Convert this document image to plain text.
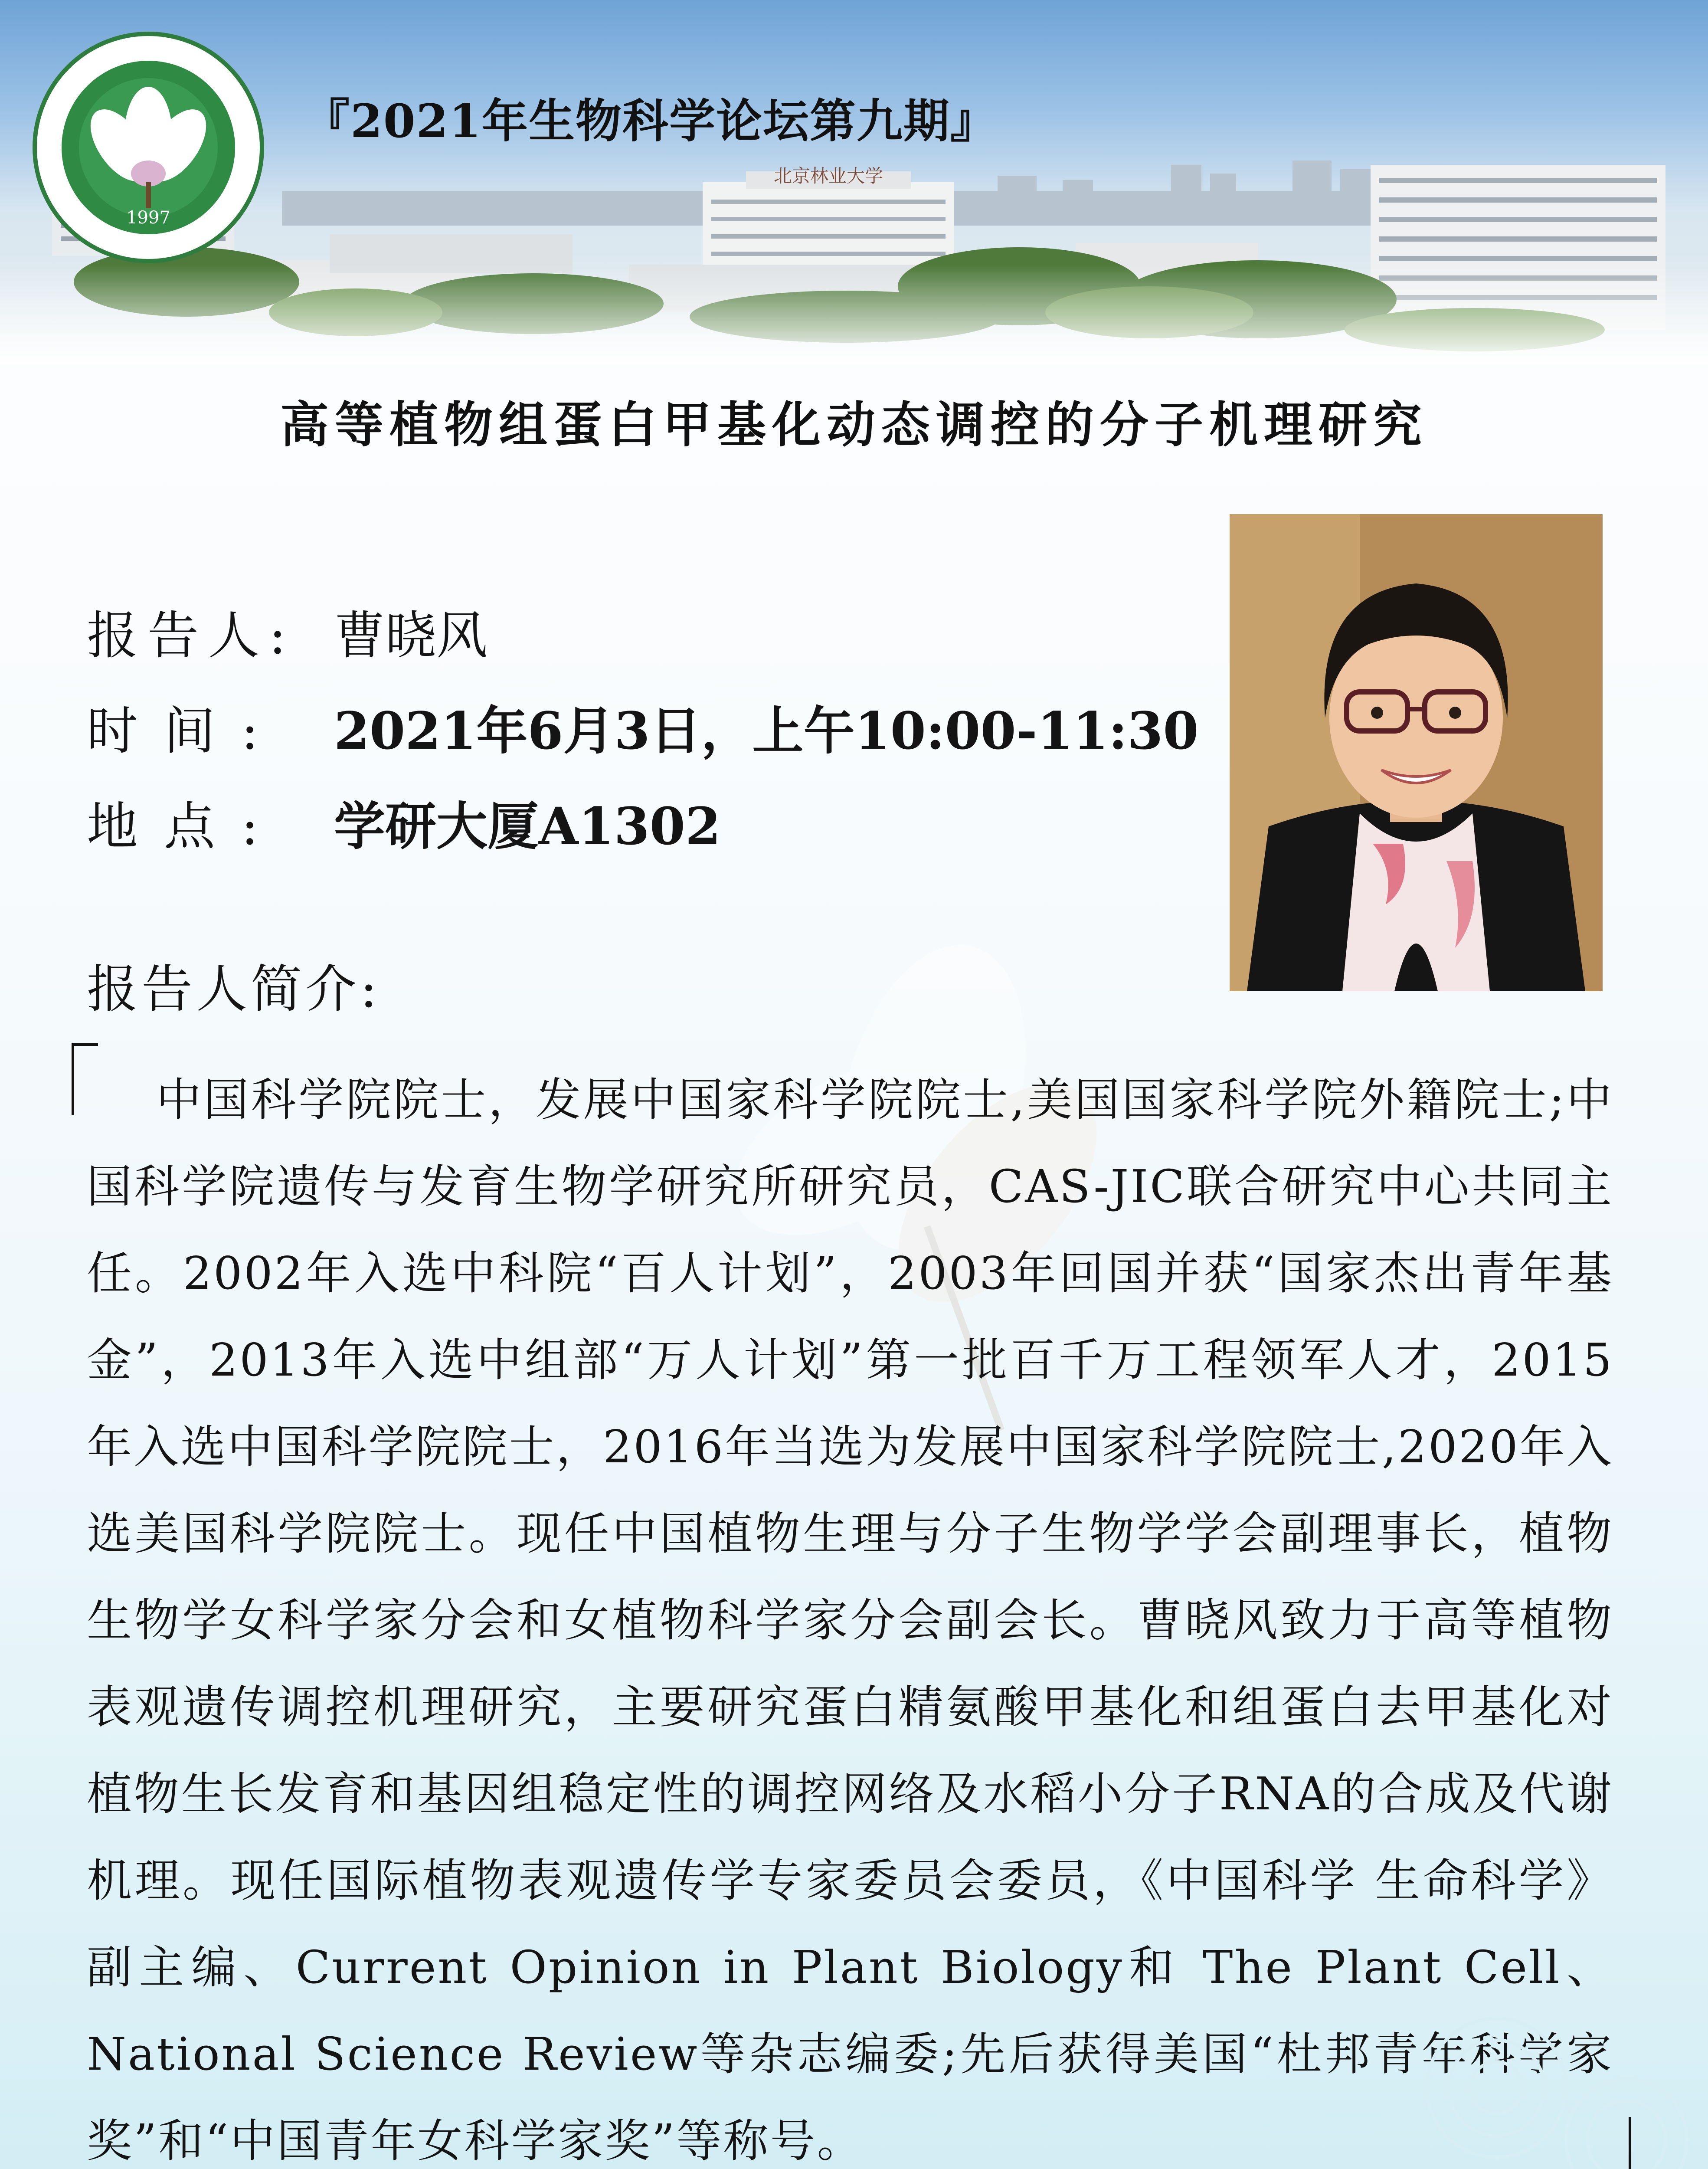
北京林业大学
1997
『2021年生物科学论坛第九期』
高等植物组蛋白甲基化动态调控的分子机理研究
报告人: 曹晓风
时间: 2021年6月3日，上午10:00-11:30
地点: 学研大厦A1302
报告人简介:
中国科学院院士，发展中国家科学院院士,美国国家科学院外籍院士;中国科学院遗传与发育生物学研究所研究员，CAS-JIC联合研究中心共同主任。2002年入选中科院“百人计划”，2003年回国并获“国家杰出青年基金”，2013年入选中组部“万人计划”第一批百千万工程领军人才，2015年入选中国科学院院士，2016年当选为发展中国家科学院院士,2020年入选美国科学院院士。现任中国植物生理与分子生物学学会副理事长，植物生物学女科学家分会和女植物科学家分会副会长。曹晓风致力于高等植物表观遗传调控机理研究，主要研究蛋白精氨酸甲基化和组蛋白去甲基化对植物生长发育和基因组稳定性的调控网络及水稻小分子RNA的合成及代谢机理。现任国际植物表观遗传学专家委员会委员，《中国科学 生命科学》副主编、Current Opinion in Plant Biology和 The Plant Cell、National Science Review等杂志编委;先后获得美国“杜邦青年科学家奖”和“中国青年女科学家奖”等称号。
